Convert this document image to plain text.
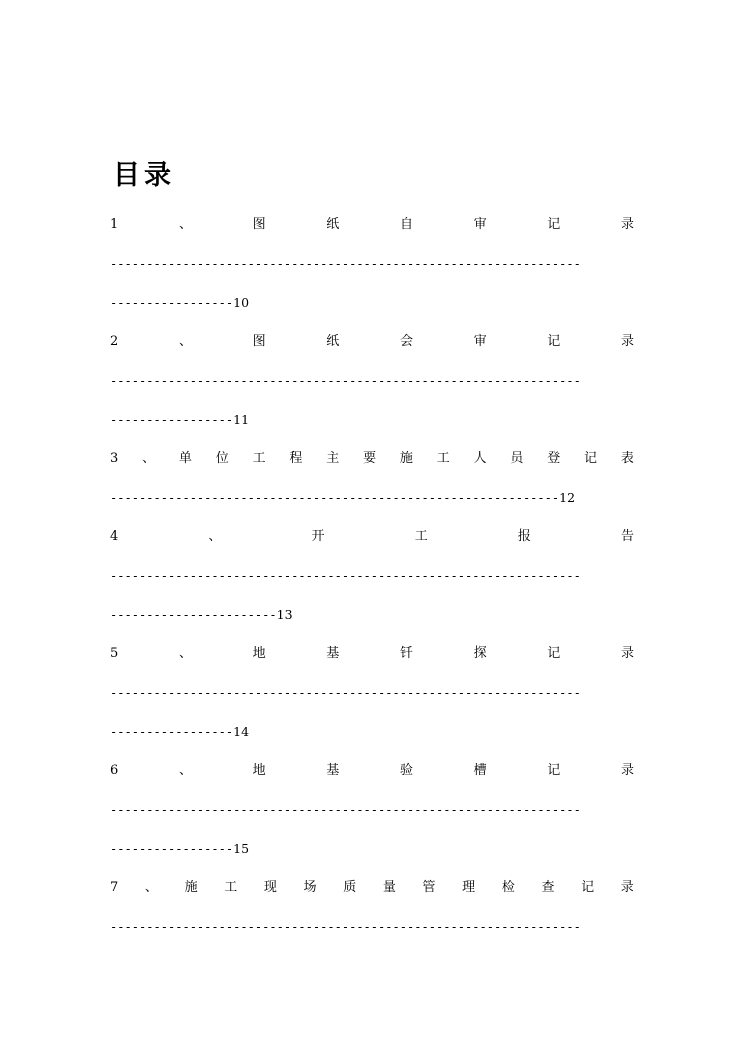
目录
1	、	图	纸	自	审	记	录
-----------------------------------------------------------------
-----------------10
2	、	图	纸	会	审	记	录
-----------------------------------------------------------------
-----------------11
3 、 单 位 工 程 主 要 施 工 人 员 登 记 表
--------------------------------------------------------------12
4	、	开	工	报	告
-----------------------------------------------------------------
-----------------------13
5	、	地	基	钎	探	记	录
-----------------------------------------------------------------
-----------------14
6	、	地	基	验	槽	记	录
-----------------------------------------------------------------
-----------------15
7 、 施 工 现 场 质 量 管 理 检 查 记 录
-----------------------------------------------------------------
